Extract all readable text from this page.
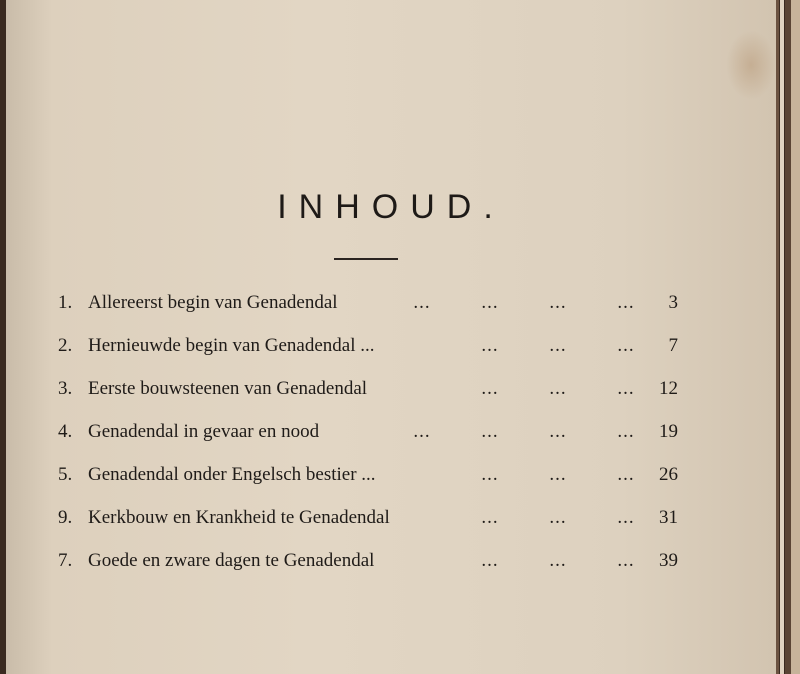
INHOUD.
1. Allereerst begin van Genadendal	...	...	...	...	3
2. Hernieuwde begin van Genadendal ...	...	...	...	7
3. Eerste bouwsteenen van Genadendal	...	...	...	12
4. Genadendal in gevaar en nood	...	...	...	...	19
5. Genadendal onder Engelsch bestier ...	...	...	...	26
9. Kerkbouw en Krankheid te Genadendal	...	...	...	31
7. Goede en zware dagen te Genadendal	...	...	...	39
